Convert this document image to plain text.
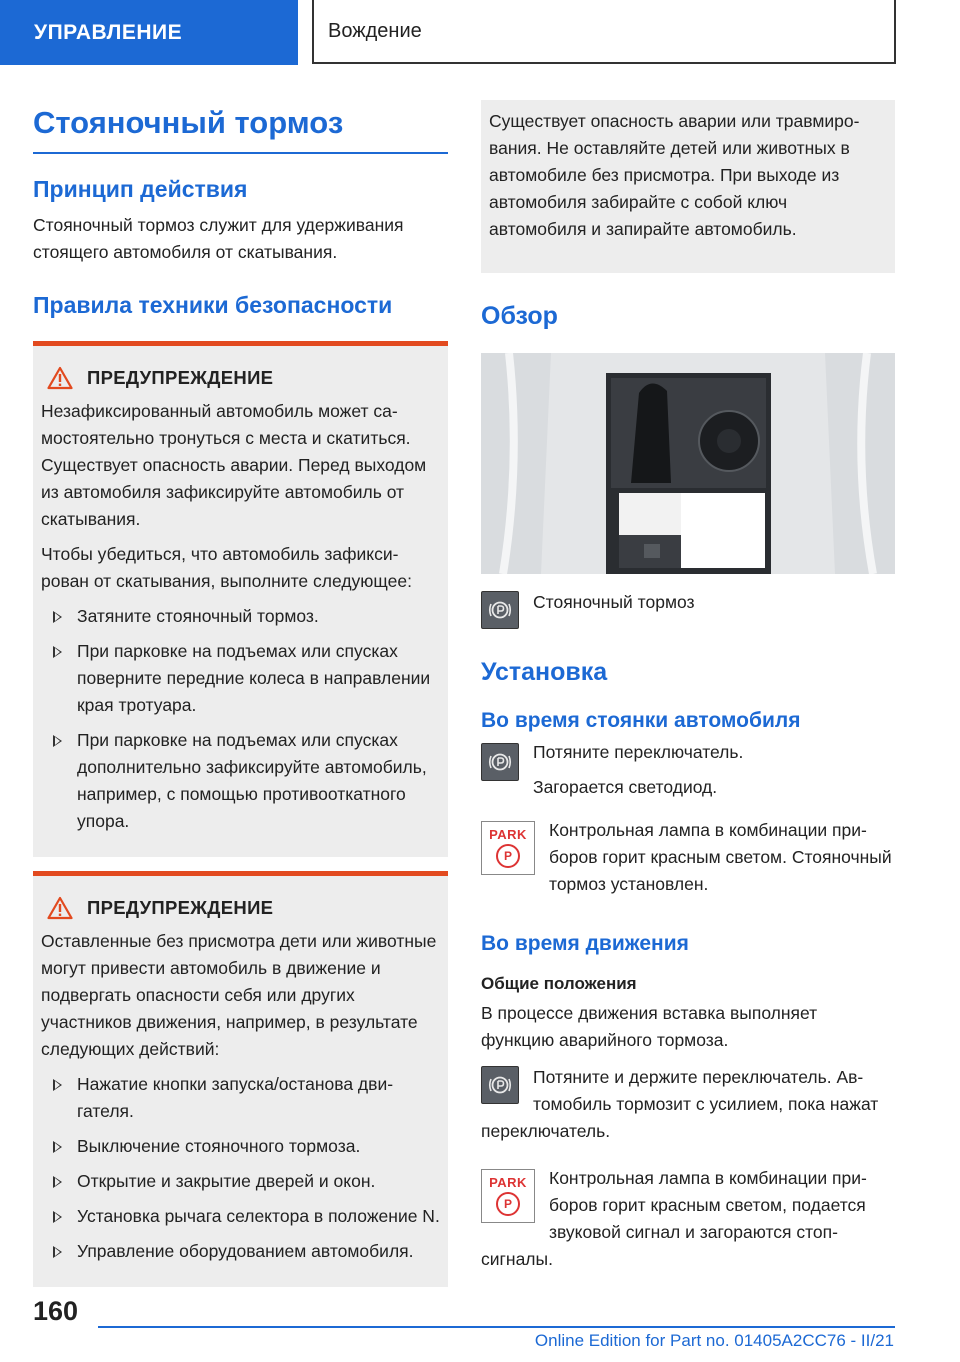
УПРАВЛЕНИЕ	Вождение
Стояночный тормоз
Принцип действия

Стояночный тормоз служит для удерживания стоящего автомобиля от скатывания.

Правила техники безопасности
ПРЕДУПРЕЖДЕНИЕ

Незафиксированный автомобиль может самостоятельно тронуться с места и скатиться. Существует опасность аварии. Перед выходом из автомобиля зафиксируйте автомобиль от скатывания.

Чтобы убедиться, что автомобиль зафиксирован от скатывания, выполните следующее:

Затяните стояночный тормоз.
При парковке на подъемах или спусках поверните передние колеса в направлении края тротуара.
При парковке на подъемах или спусках дополнительно зафиксируйте автомобиль, например, с помощью противооткатного упора.
ПРЕДУПРЕЖДЕНИЕ

Оставленные без присмотра дети или животные могут привести автомобиль в движение и подвергать опасности себя или других участников движения, например, в результате следующих действий:

Нажатие кнопки запуска/останова двигателя.
Выключение стояночного тормоза.
Открытие и закрытие дверей и окон.
Установка рычага селектора в положение N.
Управление оборудованием автомобиля.

Существует опасность аварии или травмирования. Не оставляйте детей или животных в автомобиле без присмотра. При выходе из автомобиля забирайте с собой ключ автомобиля и запирайте автомобиль.

Обзор

Стояночный тормоз

Установка
Во время стоянки автомобиля

Потяните переключатель.

Загорается светодиод.

PARK
P

Контрольная лампа в комбинации приборов горит красным светом. Стояночный тормоз установлен.

Во время движения
Общие положения

В процессе движения вставка выполняет функцию аварийного тормоза.

Потяните и держите переключатель. Автомобиль тормозит с усилием, пока нажат переключатель.

PARK
P

Контрольная лампа в комбинации приборов горит красным светом, подается звуковой сигнал и загораются стоп-сигналы.

160
Online Edition for Part no. 01405A2CC76 - II/21
